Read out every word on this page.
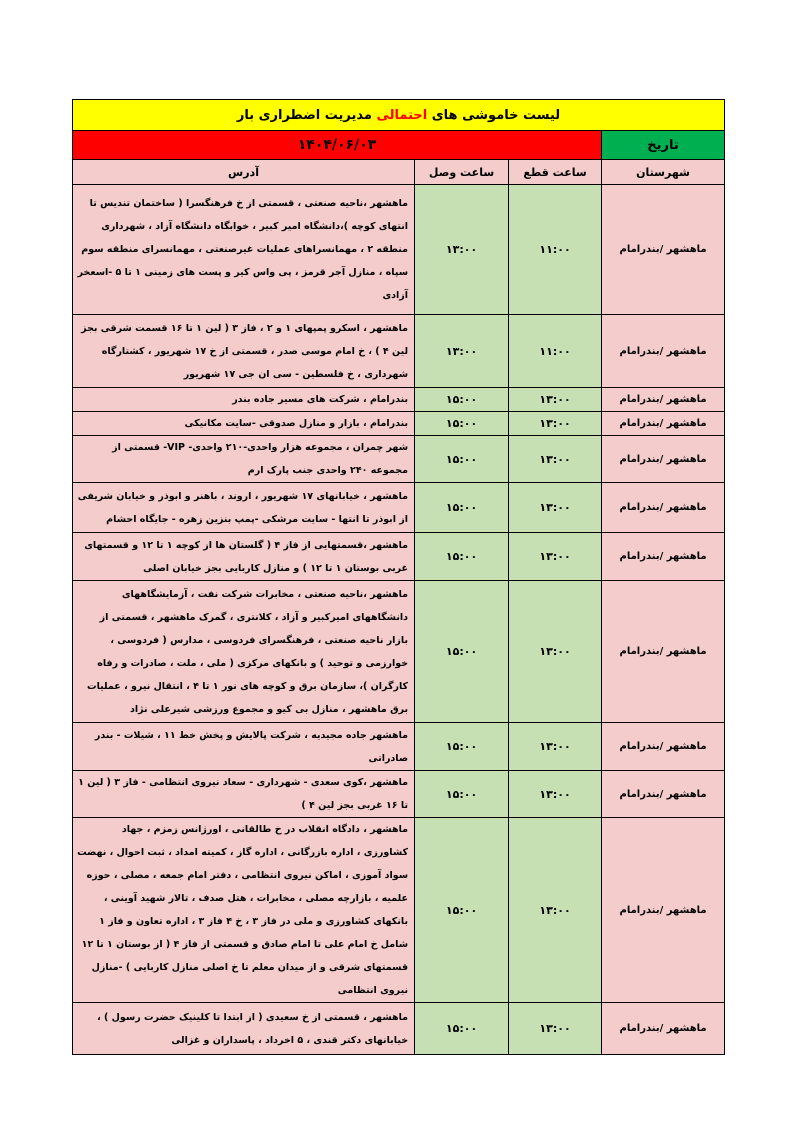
لیست خاموشی های احتمالی مدیریت اضطراری بار			
تاریخ	۱۴۰۴/۰۶/۰۳		
شهرستان	ساعت قطع	ساعت وصل	آدرس
ماهشهر /بندرامام	۱۱:۰۰	۱۳:۰۰	ماهشهر ،ناحیه صنعتی ، قسمتی از خ فرهنگسرا ( ساختمان تندیس تا انتهای کوچه )،دانشگاه امیر کبیر ، خوابگاه دانشگاه آزاد ، شهرداری منطقه ۲ ، مهمانسراهای عملیات غیرصنعتی ، مهمانسرای منطقه سوم سپاه ، منازل آجر قرمز ، پی واس کیر و پست های زمینی ۱ تا ۵ -اسعخر آزادی
ماهشهر /بندرامام	۱۱:۰۰	۱۳:۰۰	ماهشهر ، اسکرو پمپهای ۱ و ۲ ، فاز ۳ ( لین ۱ تا ۱۶ قسمت شرقی بجز لین ۴ ) ، خ امام موسی صدر ، قسمتی از خ ۱۷ شهریور ، کشتارگاه شهرداری ، خ فلسطین - سی ان جی ۱۷ شهریور
ماهشهر /بندرامام	۱۳:۰۰	۱۵:۰۰	بندرامام ، شرکت های مسیر جاده بندر
ماهشهر /بندرامام	۱۳:۰۰	۱۵:۰۰	بندرامام ، بازار و منازل صدوقی -سایت مکانیکی
ماهشهر /بندرامام	۱۳:۰۰	۱۵:۰۰	شهر چمران ، مجموعه هزار واحدی-۲۱۰ واحدی- VIP- قسمتی از مجموعه ۲۴۰ واحدی جنب پارک ارم
ماهشهر /بندرامام	۱۳:۰۰	۱۵:۰۰	ماهشهر ، خیابانهای ۱۷ شهریور ، اروند ، باهنر و ابوذر و خیابان شریفی از ابوذر تا انتها - سایت مرشکی -پمپ بنزین زهره - جایگاه احشام
ماهشهر /بندرامام	۱۳:۰۰	۱۵:۰۰	ماهشهر ،قسمتهایی از فاز ۴ ( گلستان ها از کوچه ۱ تا ۱۲ و قسمتهای غربی بوستان ۱ تا ۱۲ ) و منازل کاربایی بجز خیابان اصلی
ماهشهر /بندرامام	۱۳:۰۰	۱۵:۰۰	ماهشهر ،ناحیه صنعتی ، مخابرات شرکت نفت ، آزمایشگاههای دانشگاههای امیرکبیر و آزاد ، کلانتری ، گمرک ماهشهر ، قسمتی از بازار ناحیه صنعتی ، فرهنگسرای فردوسی ، مدارس ( فردوسی ، خوارزمی و توحید ) و بانکهای مرکزی ( ملی ، ملت ، صادرات و رفاه کارگران )، سازمان برق و کوچه های نور ۱ تا ۴ ، انتقال نیرو ، عملیات برق ماهشهر ، منازل بی کیو و مجموع ورزشی شیرعلی نژاد
ماهشهر /بندرامام	۱۳:۰۰	۱۵:۰۰	ماهشهر جاده مجیدیه ، شرکت پالایش و پخش خط ۱۱ ، شیلات - بندر صادراتی
ماهشهر /بندرامام	۱۳:۰۰	۱۵:۰۰	ماهشهر ،کوی سعدی - شهرداری - سعاد نیروی انتظامی - فاز ۳ ( لین ۱ تا ۱۶ غربی بجز لین ۴ )
ماهشهر /بندرامام	۱۳:۰۰	۱۵:۰۰	ماهشهر ، دادگاه انقلاب در خ طالقانی ، اورژانس زمزم ، جهاد کشاورزی ، اداره بازرگانی ، اداره گاز ، کمیته امداد ، ثبت احوال ، نهضت سواد آموزی ، اماکن نیروی انتظامی ، دفتر امام جمعه ، مصلی ، حوزه علمیه ، بازارچه مصلی ، مخابرات ، هتل صدف ، تالار شهید آوینی ، بانکهای کشاورزی و ملی در فاز ۳ ، خ ۴ فاز ۳ ، اداره تعاون و فاز ۱ شامل خ امام علی تا امام صادق و قسمتی از فاز ۴ ( از بوستان ۱ تا ۱۲ قسمتهای شرقی و از میدان معلم تا خ اصلی منازل کاربایی ) -منازل نیروی انتظامی
ماهشهر /بندرامام	۱۳:۰۰	۱۵:۰۰	ماهشهر ، قسمتی از خ سعیدی ( از ابتدا تا کلینیک حضرت رسول ) ، خیابانهای دکتر قندی ، ۵ اخرداد ، پاسداران و غزالی
